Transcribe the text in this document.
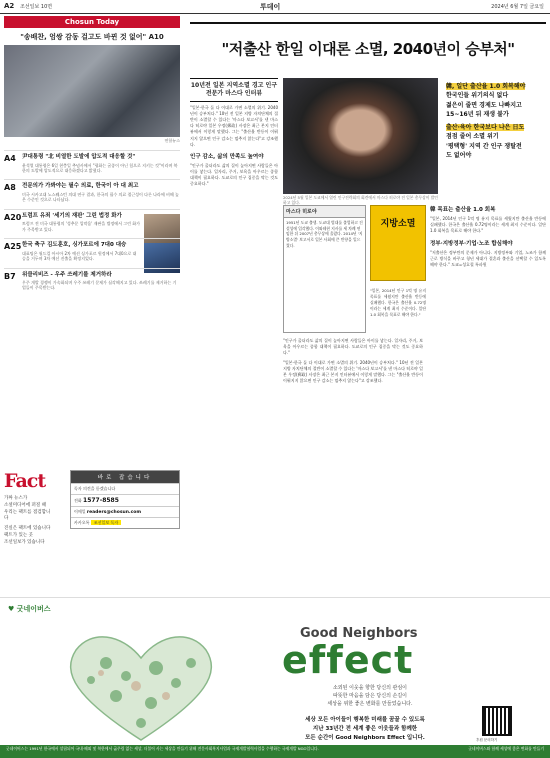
A2 조선일보 10면	투데이	2024년 6월 7일 금요일
Chosun Today
"송배찬, 엄쌍 감동 걸고도 바뀐 것 없어" A10
연합뉴스
A4 尹대통령 "北 비열한 도발에 압도적 대응할 것"
윤석열 대통령은 6일 현충일 추념사에서 "평화는 굴종이 아닌 힘으로 지키는 것"이라며 북한의 도발에 압도적으로 대응하겠다고 밝혔다.
A8 전문의가 가봐야는 필수 의료, 한국이 아 대 최고
미국 시카고대 노스웨스턴 의대 연구 결과, 한국의 필수 의료 접근성이 다른 나라에 비해 높은 수준인 것으로 나타났다.
A20 트럼프 유죄 '세기의 재판' 그린 법정 화가
트럼프 전 미국 대통령의 '성추문 입막음' 재판을 법정에서 그린 화가가 주목받고 있다.
A25 한국 축구 김도훈호, 싱가포르에 7대0 대승
대표팀은 월드컵 아시아 2차 예선 싱가포르 원정에서 7대0으로 대승을 거두며 3차 예선 진출을 확정지었다.
B7 위클리비즈 - 우주 쓰레기를 제거하라
우주 개발 경쟁이 가속화되며 우주 쓰레기 문제가 심각해지고 있다. 쓰레기를 제거하는 기업들이 주목받는다.
Fact
가짜 뉴스가
소셜미디어에 퍼질 때
우리는 팩트를 점검합니다
진실은 팩트에 있습니다
팩트가 있는 곳
조선일보가 있습니다
바로 잡습니다
독자 의견을 듣겠습니다
전화 1577-8585
이메일 readers@chosun.com
카카오톡 조선일보 독자
"저출산 한일 이대론 소멸, 2040년이 승부처"
10년전 일본 지역소멸 경고 인구 전문가 마스다 인터뷰
"일본·한국 둘 다 이대로 가면 소멸의 위기. 2040년이 승부처다." 10년 전 일본 지방 자치단체의 절반이 소멸할 수 있다는 '마스다 보고서'를 낸 마스다 히로야 일본 우정(郵政) 사장은 최근 본지 인터뷰에서 이렇게 말했다. 그는 "출산율 반등이 이뤄지지 않으면 인구 감소는 멈추지 않는다"고 강조했다.
인구 감소, 삶의 만족도 높여야
"인구가 줄더라도 삶의 질이 높아지면 사람들은 아이를 낳는다. 일자리, 주거, 보육을 아우르는 종합 대책이 필요하다. 도쿄로의 인구 집중을 막는 것도 중요하다."
2024년 5월 일본 도쿄에서 열린 인구전략회의 회견에서 마스다 히로야 전 일본 총무상이 발언하고 있다.
韓, 일단 출산율 1.0 회복해야
한국인들 위기의식 없다
젊은이 줄면 경제도 나빠지고
15~16년 뒤 재생 불가
출산·육아 한국보다 나은 日도
점점 줄어 소멸 위기
'평택형' 지역 간 인구 쟁탈전
도 없어야
마스다 히로야
1951년 도쿄 출생. 도쿄대 법대를 졸업하고 건설성에 입각했다. 이와테현 지사를 세 차례 연임한 뒤 2007년 총무상에 올랐다. 2014년 '지방소멸' 보고서로 일본 사회에 큰 반향을 일으켰다.
지방소멸
"일본, 2014년 인구 1억 명 유지 목표를 세웠지만 출산율 반등에 실패했다. 한국은 출산율 0.72명이라는 세계 최저 수준이다. 일단 1.0 회복을 목표로 해야 한다."
韓 목표는 출산율 1.0 회복
"일본, 2014년 인구 1억 명 유지 목표를 세웠지만 출산율 반등에 실패했다. 한국은 출산율 0.72명이라는 세계 최저 수준이다. 일단 1.0 회복을 목표로 해야 한다."
정부·지방정부·기업·노조 합심해야
"저출산은 정부만의 문제가 아니다. 지방정부와 기업, 노조가 함께 근로 방식을 바꾸고 청년 세대가 결혼과 출산을 선택할 수 있도록 해야 한다." 도쿄=성호철 특파원
"인구가 줄더라도 삶의 질이 높아지면 사람들은 아이를 낳는다. 일자리, 주거, 보육을 아우르는 종합 대책이 필요하다. 도쿄로의 인구 집중을 막는 것도 중요하다."
"일본·한국 둘 다 이대로 가면 소멸의 위기. 2040년이 승부처다." 10년 전 일본 지방 자치단체의 절반이 소멸할 수 있다는 '마스다 보고서'를 낸 마스다 히로야 일본 우정(郵政) 사장은 최근 본지 인터뷰에서 이렇게 말했다. 그는 "출산율 반등이 이뤄지지 않으면 인구 감소는 멈추지 않는다"고 강조했다.
♥ 굿네이버스
Good Neighbors
effect
소외된 이웃을 향한 당신의 관심이
따뜻한 마음을 담은 당신의 손길이
세상을 위한 좋은 변화를 만들었습니다.
세상 모든 아이들이 행복한 미래를 꿈꿀 수 있도록
지난 33년간 전 세계 좋은 이웃들과 함께한
모든 순간이 Good Neighbors Effect 입니다.	후원 문의하기
굿네이버스는 1991년 한국에서 설립되어 국내·해외 및 북한에서 굶주림 없는 세상, 더불어 사는 세상을 만들기 위해 전문사회복지사업과 국제개발협력사업을 수행하는 국제개발 NGO입니다.	굿네이버스와 함께 세상에 좋은 변화를 만들기
